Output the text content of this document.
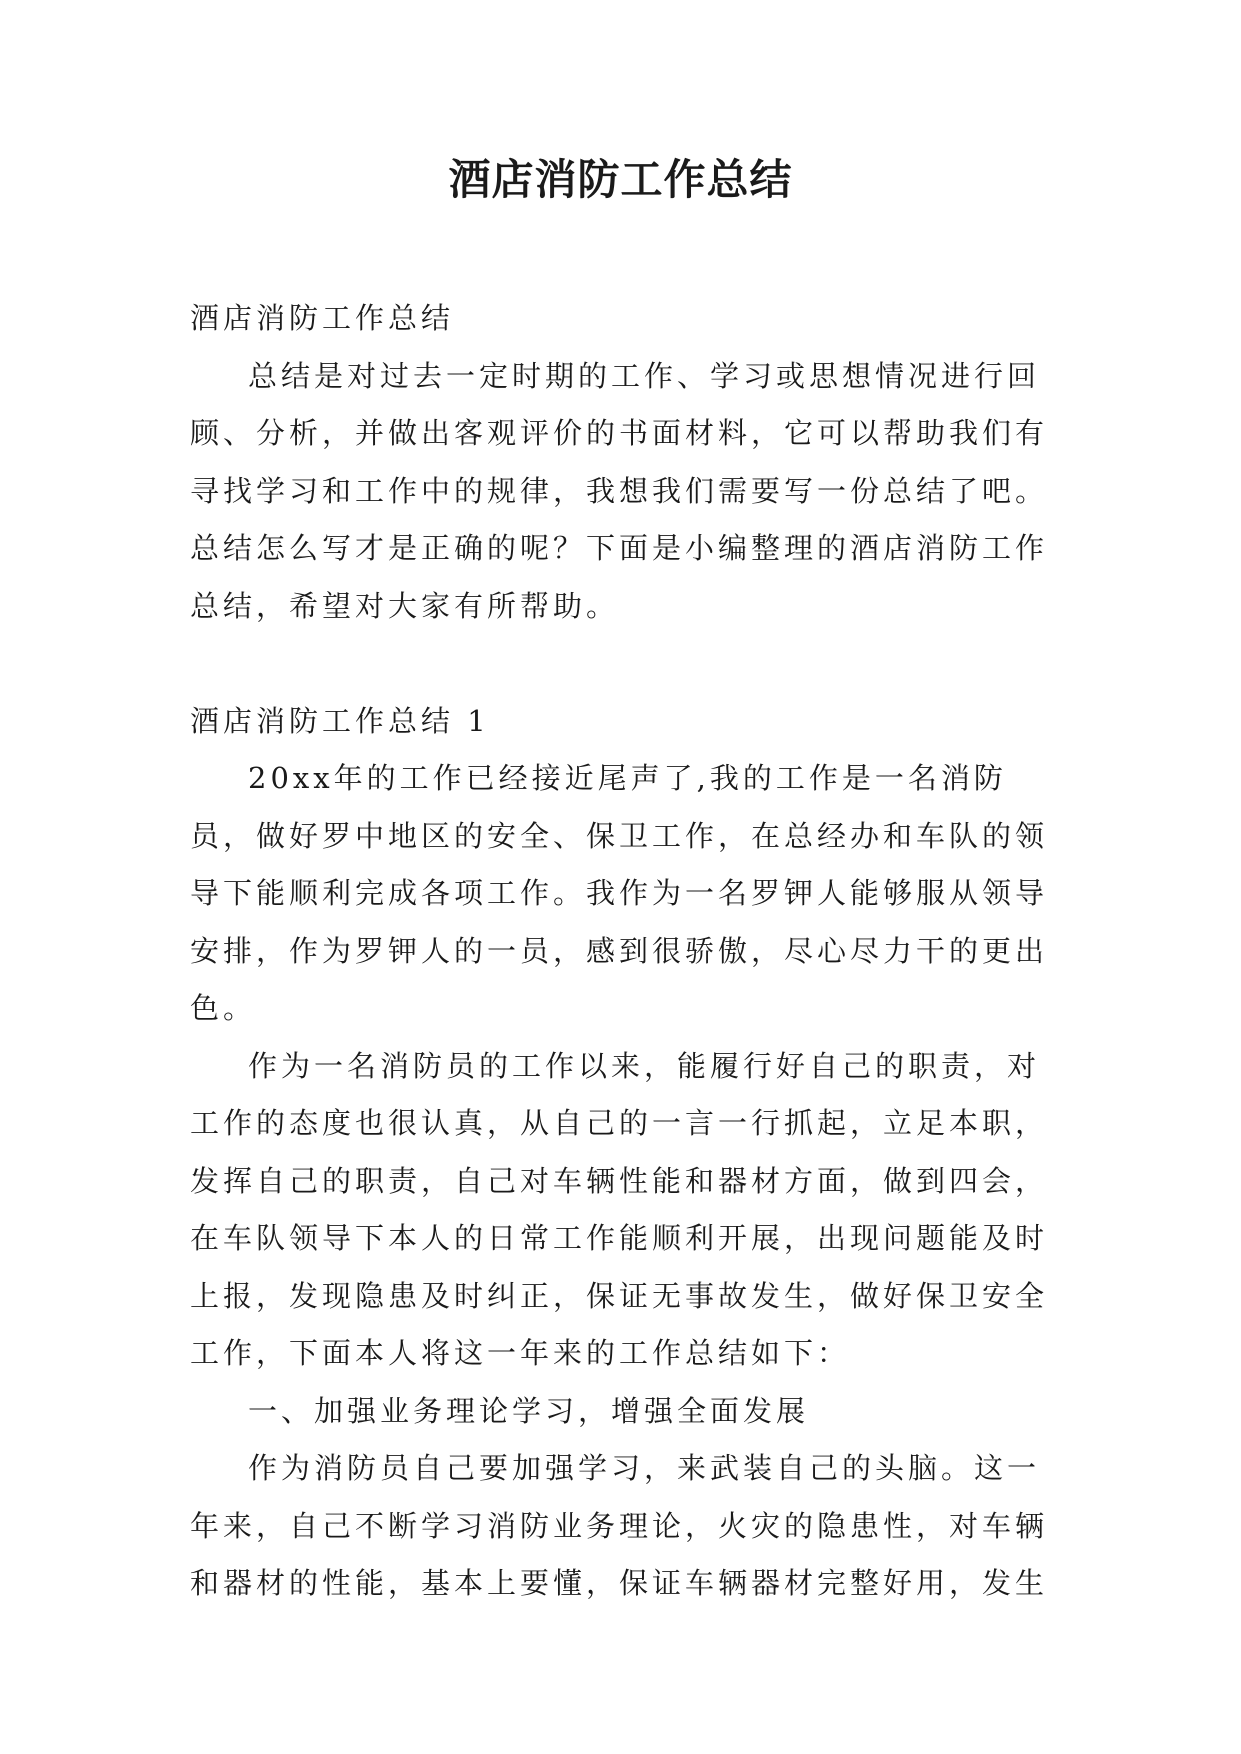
酒店消防工作总结

酒店消防工作总结

总结是对过去一定时期的工作、学习或思想情况进行回顾、分析，并做出客观评价的书面材料，它可以帮助我们有寻找学习和工作中的规律，我想我们需要写一份总结了吧。总结怎么写才是正确的呢？下面是小编整理的酒店消防工作总结，希望对大家有所帮助。

酒店消防工作总结 1

20xx年的工作已经接近尾声了,我的工作是一名消防员，做好罗中地区的安全、保卫工作，在总经办和车队的领导下能顺利完成各项工作。我作为一名罗钾人能够服从领导安排，作为罗钾人的一员，感到很骄傲，尽心尽力干的更出色。

作为一名消防员的工作以来，能履行好自己的职责，对工作的态度也很认真，从自己的一言一行抓起，立足本职，发挥自己的职责，自己对车辆性能和器材方面，做到四会，在车队领导下本人的日常工作能顺利开展，出现问题能及时上报，发现隐患及时纠正，保证无事故发生，做好保卫安全工作，下面本人将这一年来的工作总结如下：

一、加强业务理论学习，增强全面发展

作为消防员自己要加强学习，来武装自己的头脑。这一年来，自己不断学习消防业务理论，火灾的隐患性，对车辆和器材的性能，基本上要懂，保证车辆器材完整好用，发生
